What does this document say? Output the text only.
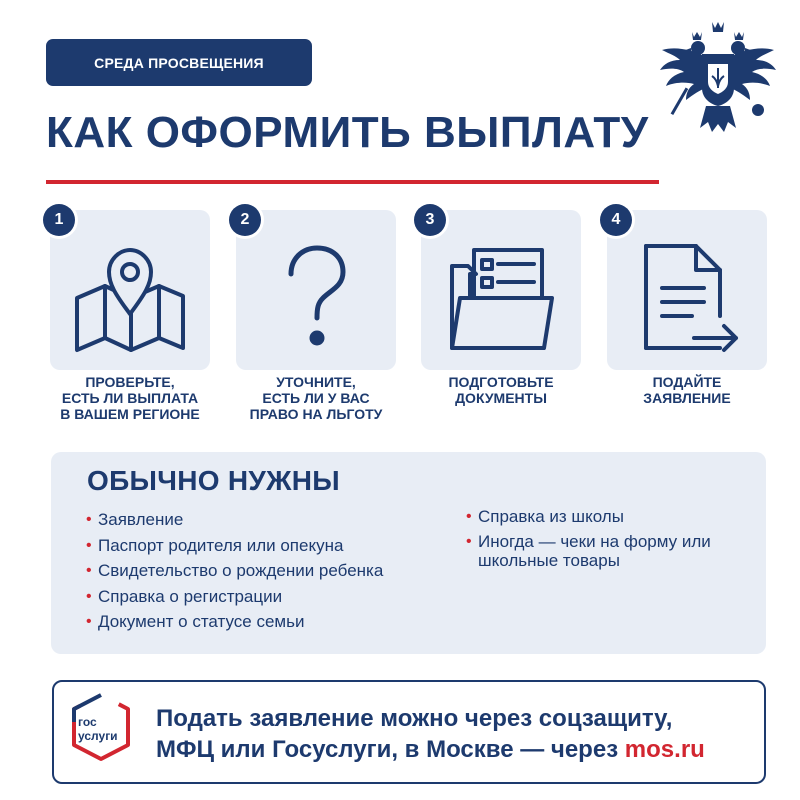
СРЕДА ПРОСВЕЩЕНИЯ
КАК ОФОРМИТЬ ВЫПЛАТУ
1
ПРОВЕРЬТЕ,
ЕСТЬ ЛИ ВЫПЛАТА
В ВАШЕМ РЕГИОНЕ
2
УТОЧНИТЕ,
ЕСТЬ ЛИ У ВАС
ПРАВО НА ЛЬГОТУ
3
ПОДГОТОВЬТЕ
ДОКУМЕНТЫ
4
ПОДАЙТЕ
ЗАЯВЛЕНИЕ
ОБЫЧНО НУЖНЫ
• Заявление
• Паспорт родителя или опекуна
• Свидетельство о рождении ребенка
• Справка о регистрации
• Документ о статусе семьи
• Справка из школы
• Иногда — чеки на форму или школьные товары
гос
услуги
Подать заявление можно через соцзащиту,
МФЦ или Госуслуги, в Москве — через mos.ru
